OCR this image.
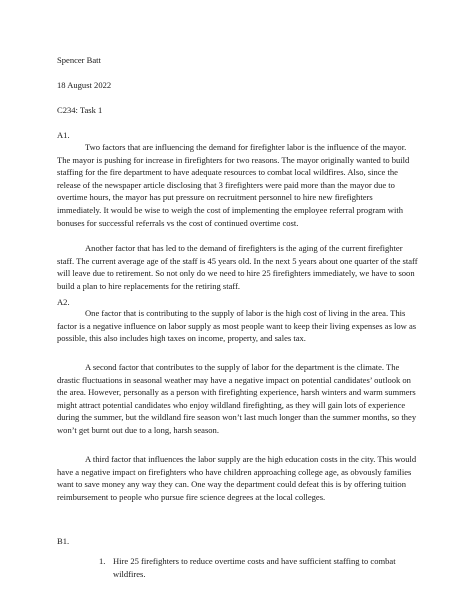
Spencer Batt
18 August 2022
C234: Task 1
A1.

Two factors that are influencing the demand for firefighter labor is the influence of the mayor. The mayor is pushing for increase in firefighters for two reasons. The mayor originally wanted to build staffing for the fire department to have adequate resources to combat local wildfires. Also, since the release of the newspaper article disclosing that 3 firefighters were paid more than the mayor due to overtime hours, the mayor has put pressure on recruitment personnel to hire new firefighters immediately. It would be wise to weigh the cost of implementing the employee referral program with bonuses for successful referrals vs the cost of continued overtime cost.

Another factor that has led to the demand of firefighters is the aging of the current firefighter staff. The current average age of the staff is 45 years old. In the next 5 years about one quarter of the staff will leave due to retirement. So not only do we need to hire 25 firefighters immediately, we have to soon build a plan to hire replacements for the retiring staff.

A2.

One factor that is contributing to the supply of labor is the high cost of living in the area. This factor is a negative influence on labor supply as most people want to keep their living expenses as low as possible, this also includes high taxes on income, property, and sales tax.

A second factor that contributes to the supply of labor for the department is the climate. The drastic fluctuations in seasonal weather may have a negative impact on potential candidates’ outlook on the area. However, personally as a person with firefighting experience, harsh winters and warm summers might attract potential candidates who enjoy wildland firefighting, as they will gain lots of experience during the summer, but the wildland fire season won’t last much longer than the summer months, so they won’t get burnt out due to a long, harsh season.

A third factor that influences the labor supply are the high education costs in the city. This would have a negative impact on firefighters who have children approaching college age, as obvously families want to save money any way they can. One way the department could defeat this is by offering tuition reimbursement to people who pursue fire science degrees at the local colleges.

B1.
1. Hire 25 firefighters to reduce overtime costs and have sufficient staffing to combat wildfires.
